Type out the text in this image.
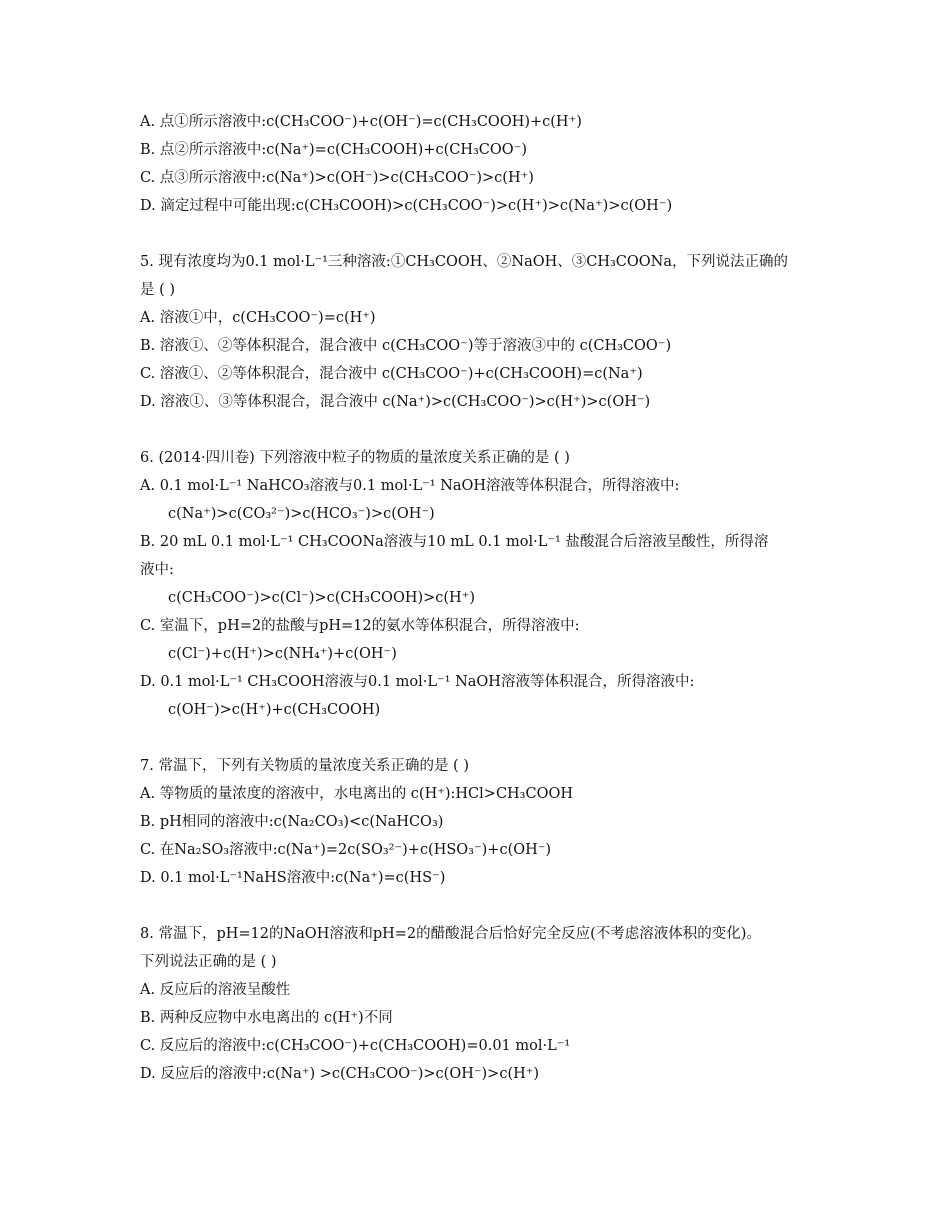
A. 点①所示溶液中:c(CH₃COO⁻)+c(OH⁻)=c(CH₃COOH)+c(H⁺)

B. 点②所示溶液中:c(Na⁺)=c(CH₃COOH)+c(CH₃COO⁻)

C. 点③所示溶液中:c(Na⁺)>c(OH⁻)>c(CH₃COO⁻)>c(H⁺)

D. 滴定过程中可能出现:c(CH₃COOH)>c(CH₃COO⁻)>c(H⁺)>c(Na⁺)>c(OH⁻)

5. 现有浓度均为0.1 mol·L⁻¹三种溶液:①CH₃COOH、②NaOH、③CH₃COONa，下列说法正确的

是 ( )

A. 溶液①中，c(CH₃COO⁻)=c(H⁺)

B. 溶液①、②等体积混合，混合液中 c(CH₃COO⁻)等于溶液③中的 c(CH₃COO⁻)

C. 溶液①、②等体积混合，混合液中 c(CH₃COO⁻)+c(CH₃COOH)=c(Na⁺)

D. 溶液①、③等体积混合，混合液中 c(Na⁺)>c(CH₃COO⁻)>c(H⁺)>c(OH⁻)

6. (2014·四川卷) 下列溶液中粒子的物质的量浓度关系正确的是 ( )

A. 0.1 mol·L⁻¹ NaHCO₃溶液与0.1 mol·L⁻¹ NaOH溶液等体积混合，所得溶液中:

c(Na⁺)>c(CO₃²⁻)>c(HCO₃⁻)>c(OH⁻)

B. 20 mL 0.1 mol·L⁻¹ CH₃COONa溶液与10 mL 0.1 mol·L⁻¹ 盐酸混合后溶液呈酸性，所得溶

液中:

c(CH₃COO⁻)>c(Cl⁻)>c(CH₃COOH)>c(H⁺)

C. 室温下，pH=2的盐酸与pH=12的氨水等体积混合，所得溶液中:

c(Cl⁻)+c(H⁺)>c(NH₄⁺)+c(OH⁻)

D. 0.1 mol·L⁻¹ CH₃COOH溶液与0.1 mol·L⁻¹ NaOH溶液等体积混合，所得溶液中:

c(OH⁻)>c(H⁺)+c(CH₃COOH)

7. 常温下，下列有关物质的量浓度关系正确的是 ( )

A. 等物质的量浓度的溶液中，水电离出的 c(H⁺):HCl>CH₃COOH

B. pH相同的溶液中:c(Na₂CO₃)<c(NaHCO₃)

C. 在Na₂SO₃溶液中:c(Na⁺)=2c(SO₃²⁻)+c(HSO₃⁻)+c(OH⁻)

D. 0.1 mol·L⁻¹NaHS溶液中:c(Na⁺)=c(HS⁻)

8. 常温下，pH=12的NaOH溶液和pH=2的醋酸混合后恰好完全反应(不考虑溶液体积的变化)。

下列说法正确的是 ( )

A. 反应后的溶液呈酸性

B. 两种反应物中水电离出的 c(H⁺)不同

C. 反应后的溶液中:c(CH₃COO⁻)+c(CH₃COOH)=0.01 mol·L⁻¹

D. 反应后的溶液中:c(Na⁺) >c(CH₃COO⁻)>c(OH⁻)>c(H⁺)
